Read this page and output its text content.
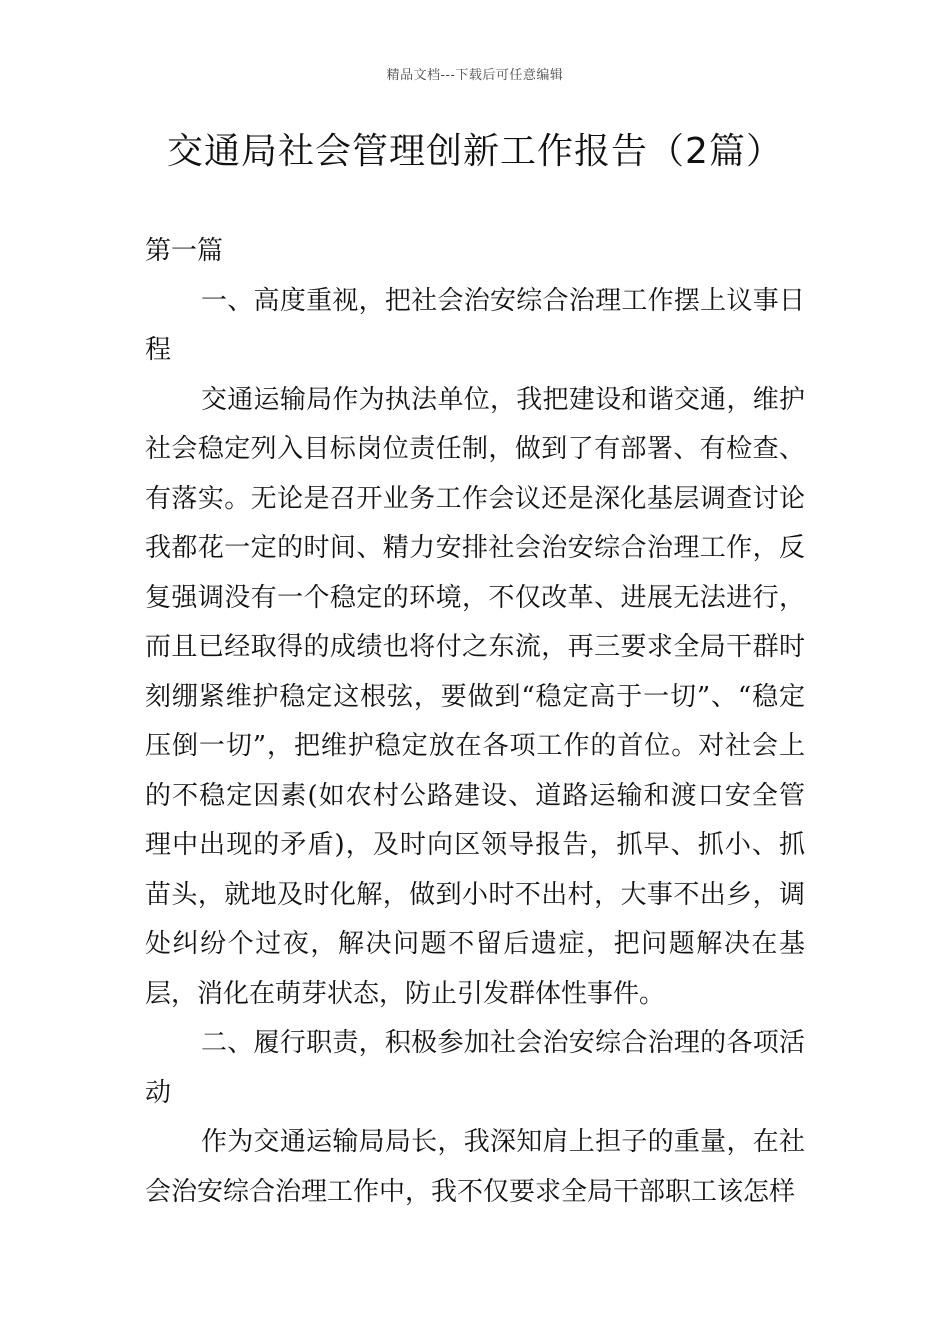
精品文档---下载后可任意编辑
交通局社会管理创新工作报告（2篇）

第一篇

一、高度重视，把社会治安综合治理工作摆上议事日程

交通运输局作为执法单位，我把建设和谐交通，维护社会稳定列入目标岗位责任制，做到了有部署、有检查、有落实。无论是召开业务工作会议还是深化基层调查讨论我都花一定的时间、精力安排社会治安综合治理工作，反复强调没有一个稳定的环境，不仅改革、进展无法进行，而且已经取得的成绩也将付之东流，再三要求全局干群时刻绷紧维护稳定这根弦，要做到“稳定高于一切”、“稳定压倒一切”，把维护稳定放在各项工作的首位。对社会上的不稳定因素(如农村公路建设、道路运输和渡口安全管理中出现的矛盾)，及时向区领导报告，抓早、抓小、抓苗头，就地及时化解，做到小时不出村，大事不出乡，调处纠纷个过夜，解决问题不留后遗症，把问题解决在基层，消化在萌芽状态，防止引发群体性事件。

二、履行职责，积极参加社会治安综合治理的各项活动

作为交通运输局局长，我深知肩上担子的重量，在社会治安综合治理工作中，我不仅要求全局干部职工该怎样
